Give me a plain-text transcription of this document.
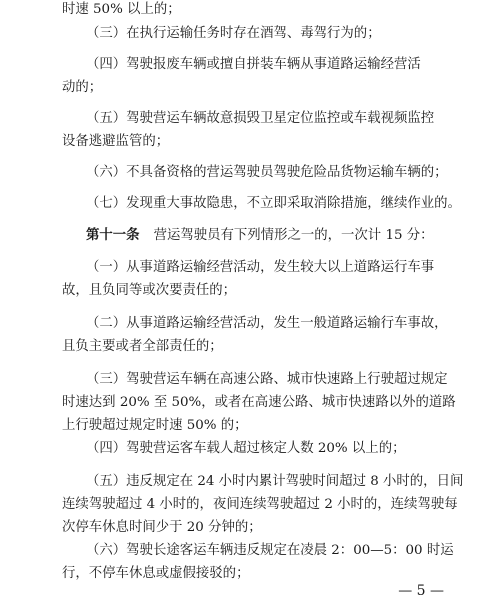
时速 50% 以上的；
（三）在执行运输任务时存在酒驾、毒驾行为的；
（四）驾驶报废车辆或擅自拼装车辆从事道路运输经营活
动的；
（五）驾驶营运车辆故意损毁卫星定位监控或车载视频监控
设备逃避监管的；
（六）不具备资格的营运驾驶员驾驶危险品货物运输车辆的；
（七）发现重大事故隐患，不立即采取消除措施，继续作业的。
第十一条 营运驾驶员有下列情形之一的，一次计 15 分：
（一）从事道路运输经营活动，发生较大以上道路运行车事
故，且负同等或次要责任的；
（二）从事道路运输经营活动，发生一般道路运输行车事故，
且负主要或者全部责任的；
（三）驾驶营运车辆在高速公路、城市快速路上行驶超过规定
时速达到 20% 至 50%，或者在高速公路、城市快速路以外的道路
上行驶超过规定时速 50% 的；
（四）驾驶营运客车载人超过核定人数 20% 以上的；
（五）违反规定在 24 小时内累计驾驶时间超过 8 小时的，日间
连续驾驶超过 4 小时的，夜间连续驾驶超过 2 小时的，连续驾驶每
次停车休息时间少于 20 分钟的；
（六）驾驶长途客运车辆违反规定在凌晨 2：00—5：00 时运
行，不停车休息或虚假接驳的；
— 5 —
